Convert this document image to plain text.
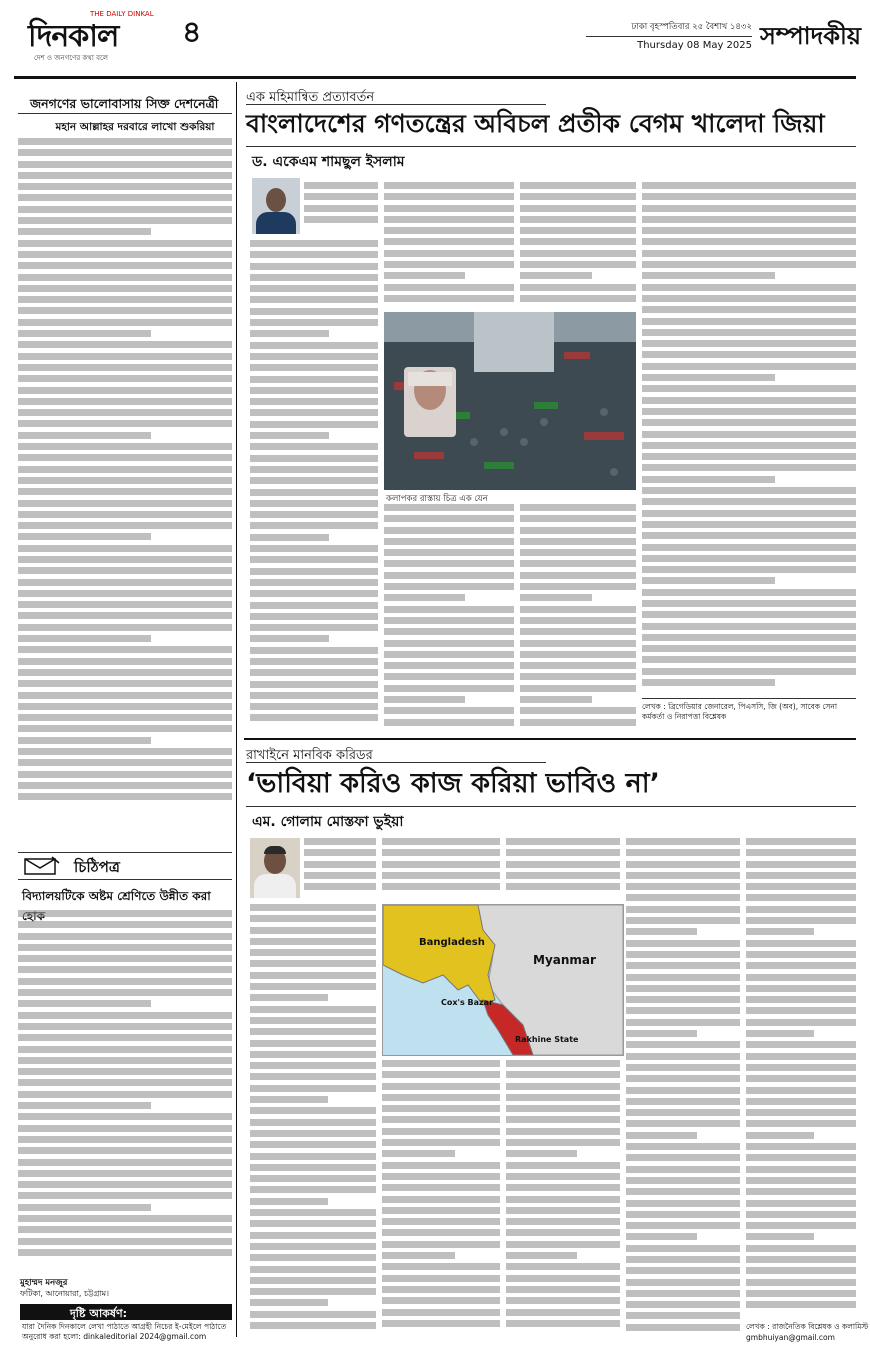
THE DAILY DINKAL
দিনকাল
দেশ ও জনগণের কথা বলে
৪	ঢাকা বৃহস্পতিবার ২৫ বৈশাখ ১৪৩২
Thursday 08 May 2025 সম্পাদকীয়
জনগণের ভালোবাসায় সিক্ত দেশনেত্রী
মহান আল্লাহর দরবারে লাখো শুকরিয়া
চিঠিপত্র
বিদ্যালয়টিকে অষ্টম শ্রেণিতে উন্নীত করা
মুহাম্মদ মনজুর
ফটিকা, আনোয়ারা, চট্টগ্রাম।
দৃষ্টি আকর্ষণ:
যারা দৈনিক দিনকালে লেখা পাঠাতে আগ্রহী নিচের ই-মেইলে পাঠাতে অনুরোধ করা হলো: dinkaleditorial 2024@gmail.com
এক মহিমান্বিত প্রত্যাবর্তন
বাংলাদেশের গণতন্ত্রের অবিচল প্রতীক বেগম খালেদা জিয়া
ড. একেএম শামছুল ইসলাম
কলাপকর রাস্তায় চিত্র এক যেন
লেখক : ব্রিগেডিয়ার জেনারেল, পিএসসি, জি (অব), সাবেক সেনা কর্মকর্তা ও নিরাপত্তা বিশ্লেষক
রাখাইনে মানবিক করিডর
‘ভাবিয়া করিও কাজ করিয়া ভাবিও না’
এম. গোলাম মোস্তফা ভুইয়া
Bangladesh
Myanmar
Cox's Bazar
Rakhine State
লেখক : রাজনৈতিক বিশ্লেষক ও কলামিস্ট
gmbhuiyan@gmail.com
